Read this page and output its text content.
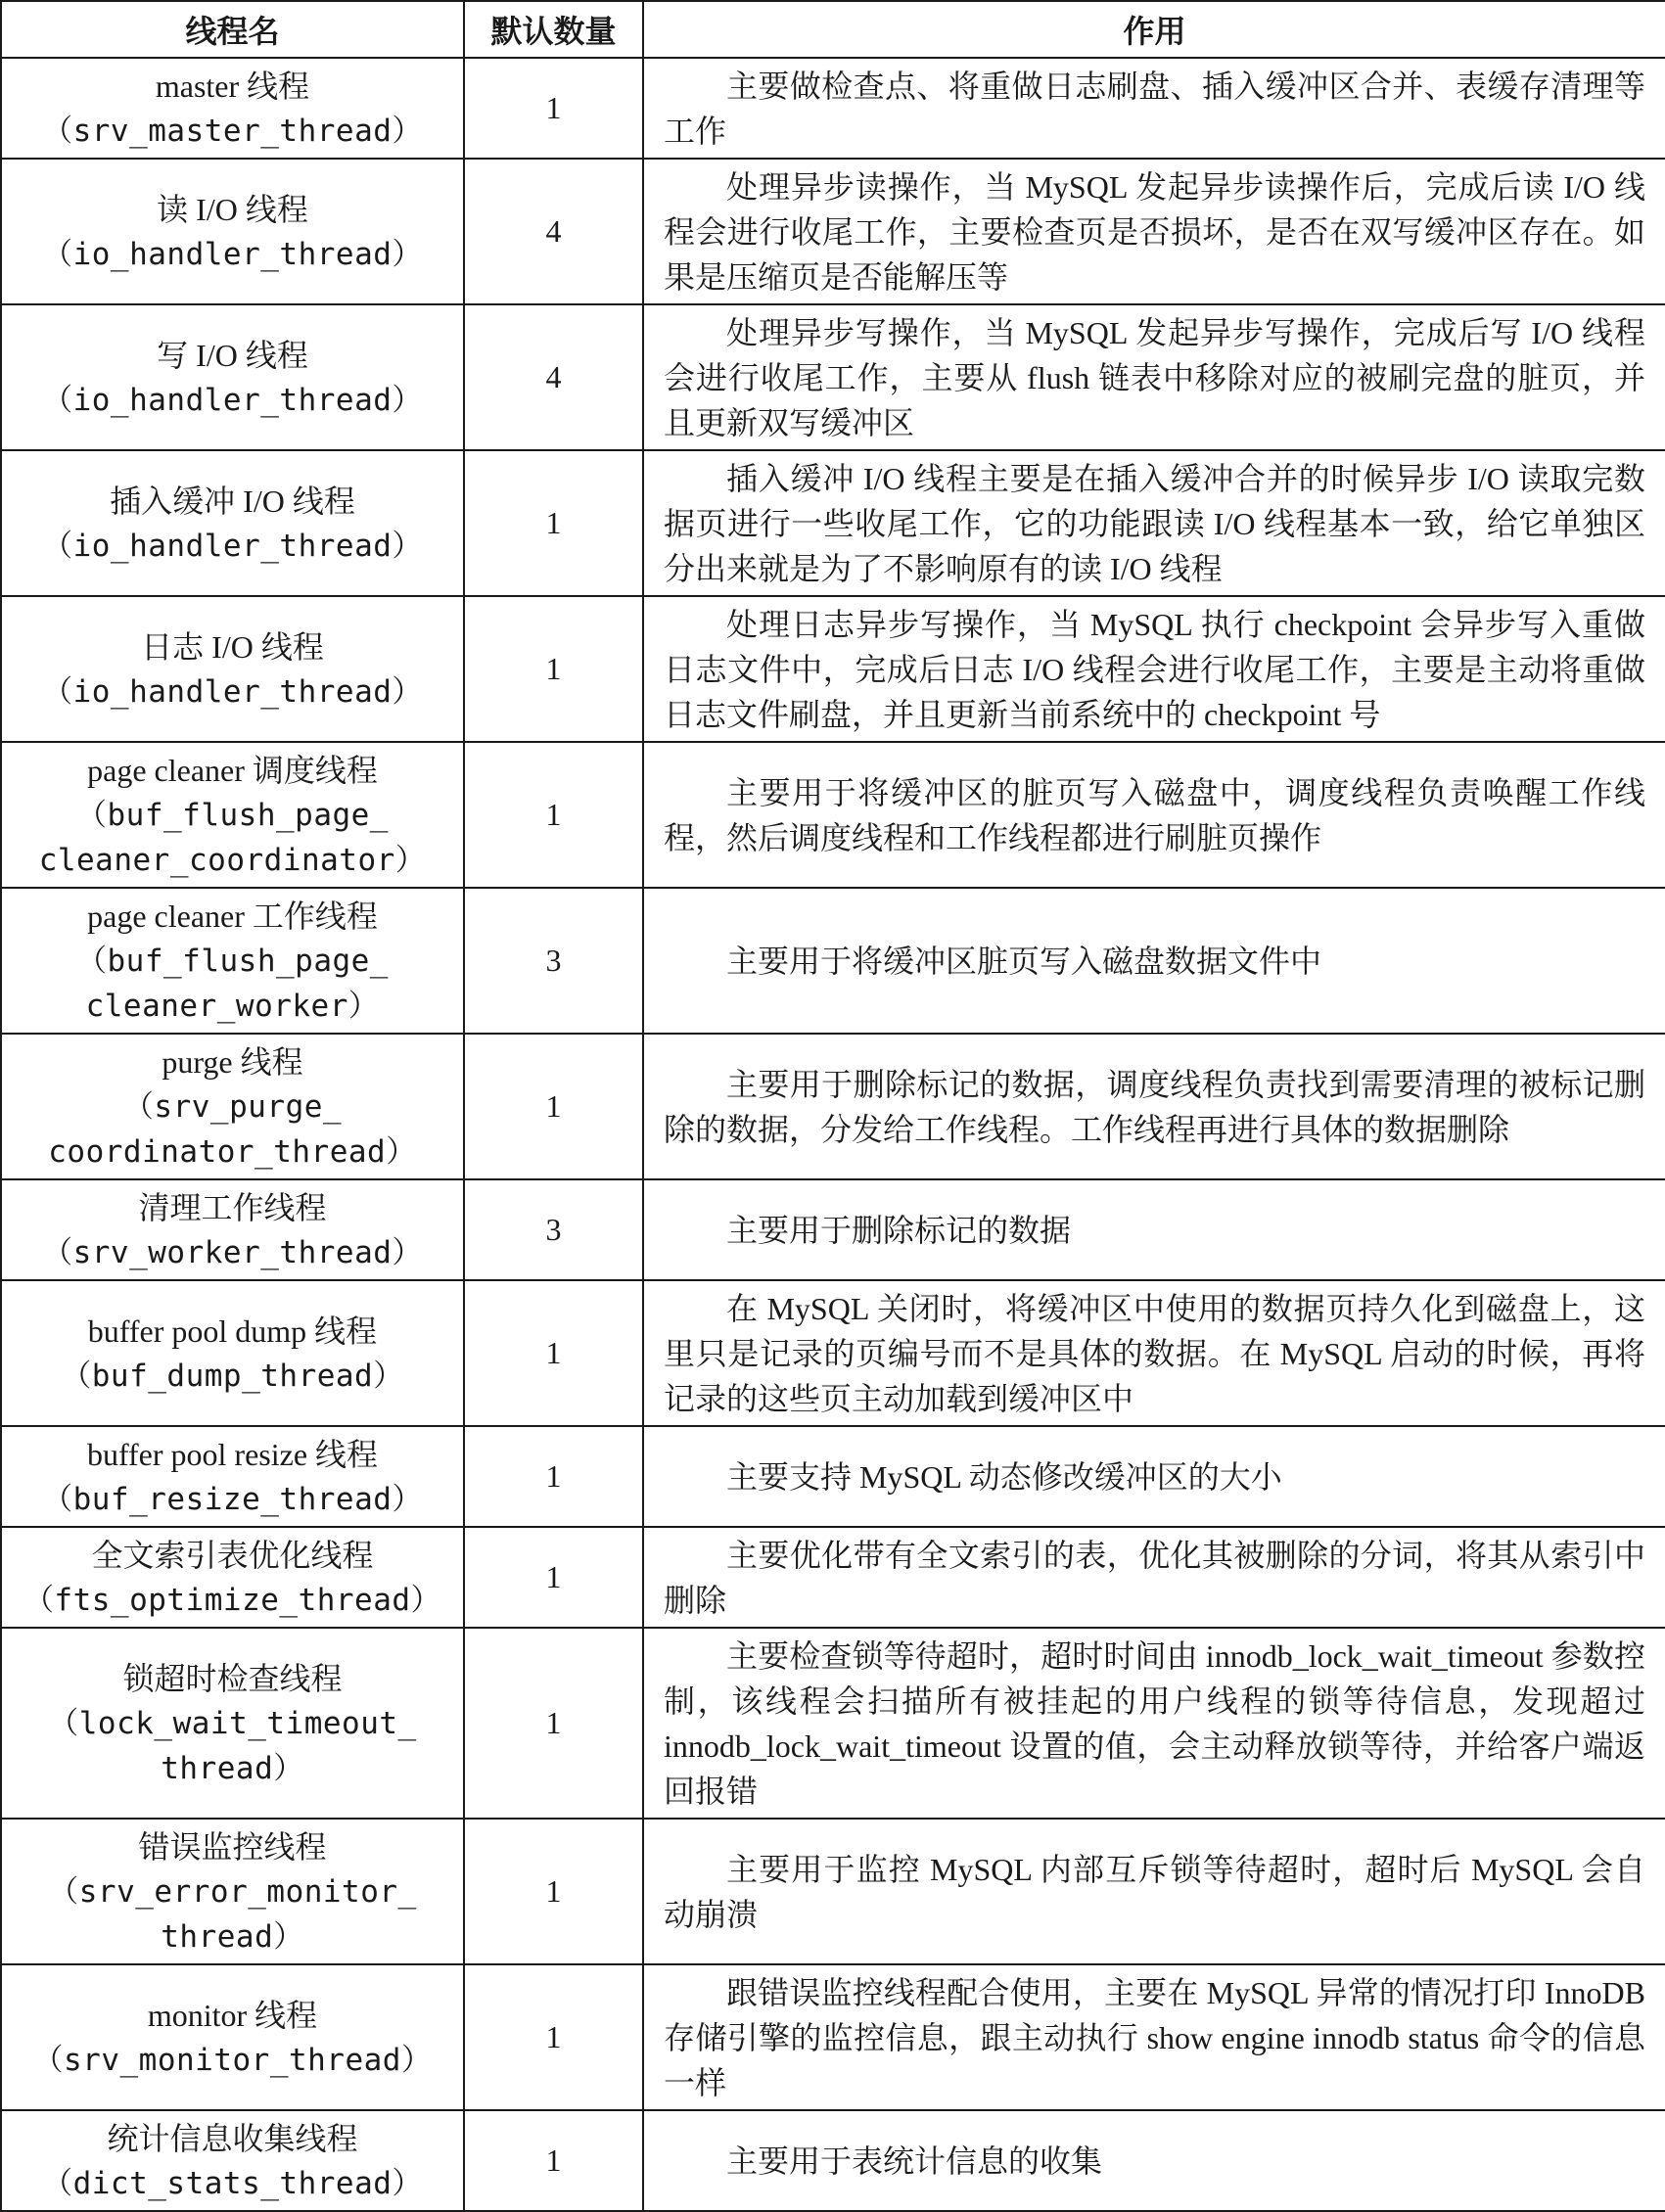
线程名	默认数量	作用

master 线程
（srv_master_thread）	1	主要做检查点、将重做日志刷盘、插入缓冲区合并、表缓存清理等工作

读 I/O 线程
（io_handler_thread）	4	处理异步读操作，当 MySQL 发起异步读操作后，完成后读 I/O 线程会进行收尾工作，主要检查页是否损坏，是否在双写缓冲区存在。如果是压缩页是否能解压等

写 I/O 线程
（io_handler_thread）	4	处理异步写操作，当 MySQL 发起异步写操作，完成后写 I/O 线程会进行收尾工作，主要从 flush 链表中移除对应的被刷完盘的脏页，并且更新双写缓冲区

插入缓冲 I/O 线程
（io_handler_thread）	1	插入缓冲 I/O 线程主要是在插入缓冲合并的时候异步 I/O 读取完数据页进行一些收尾工作，它的功能跟读 I/O 线程基本一致，给它单独区分出来就是为了不影响原有的读 I/O 线程

日志 I/O 线程
（io_handler_thread）	1	处理日志异步写操作，当 MySQL 执行 checkpoint 会异步写入重做日志文件中，完成后日志 I/O 线程会进行收尾工作，主要是主动将重做日志文件刷盘，并且更新当前系统中的 checkpoint 号

page cleaner 调度线程
（buf_flush_page_
cleaner_coordinator）	1	主要用于将缓冲区的脏页写入磁盘中，调度线程负责唤醒工作线程，然后调度线程和工作线程都进行刷脏页操作

page cleaner 工作线程
（buf_flush_page_
cleaner_worker）	3	主要用于将缓冲区脏页写入磁盘数据文件中

purge 线程
（srv_purge_
coordinator_thread）	1	主要用于删除标记的数据，调度线程负责找到需要清理的被标记删除的数据，分发给工作线程。工作线程再进行具体的数据删除

清理工作线程
（srv_worker_thread）	3	主要用于删除标记的数据

buffer pool dump 线程
（buf_dump_thread）	1	在 MySQL 关闭时，将缓冲区中使用的数据页持久化到磁盘上，这里只是记录的页编号而不是具体的数据。在 MySQL 启动的时候，再将记录的这些页主动加载到缓冲区中

buffer pool resize 线程
（buf_resize_thread）	1	主要支持 MySQL 动态修改缓冲区的大小

全文索引表优化线程
（fts_optimize_thread）	1	主要优化带有全文索引的表，优化其被删除的分词，将其从索引中删除

锁超时检查线程
（lock_wait_timeout_
thread）	1	主要检查锁等待超时，超时时间由 innodb_lock_wait_timeout 参数控制，该线程会扫描所有被挂起的用户线程的锁等待信息，发现超过 innodb_lock_wait_timeout 设置的值，会主动释放锁等待，并给客户端返回报错

错误监控线程
（srv_error_monitor_
thread）	1	主要用于监控 MySQL 内部互斥锁等待超时，超时后 MySQL 会自动崩溃

monitor 线程
（srv_monitor_thread）	1	跟错误监控线程配合使用，主要在 MySQL 异常的情况打印 InnoDB 存储引擎的监控信息，跟主动执行 show engine innodb status 命令的信息一样

统计信息收集线程
（dict_stats_thread）	1	主要用于表统计信息的收集
